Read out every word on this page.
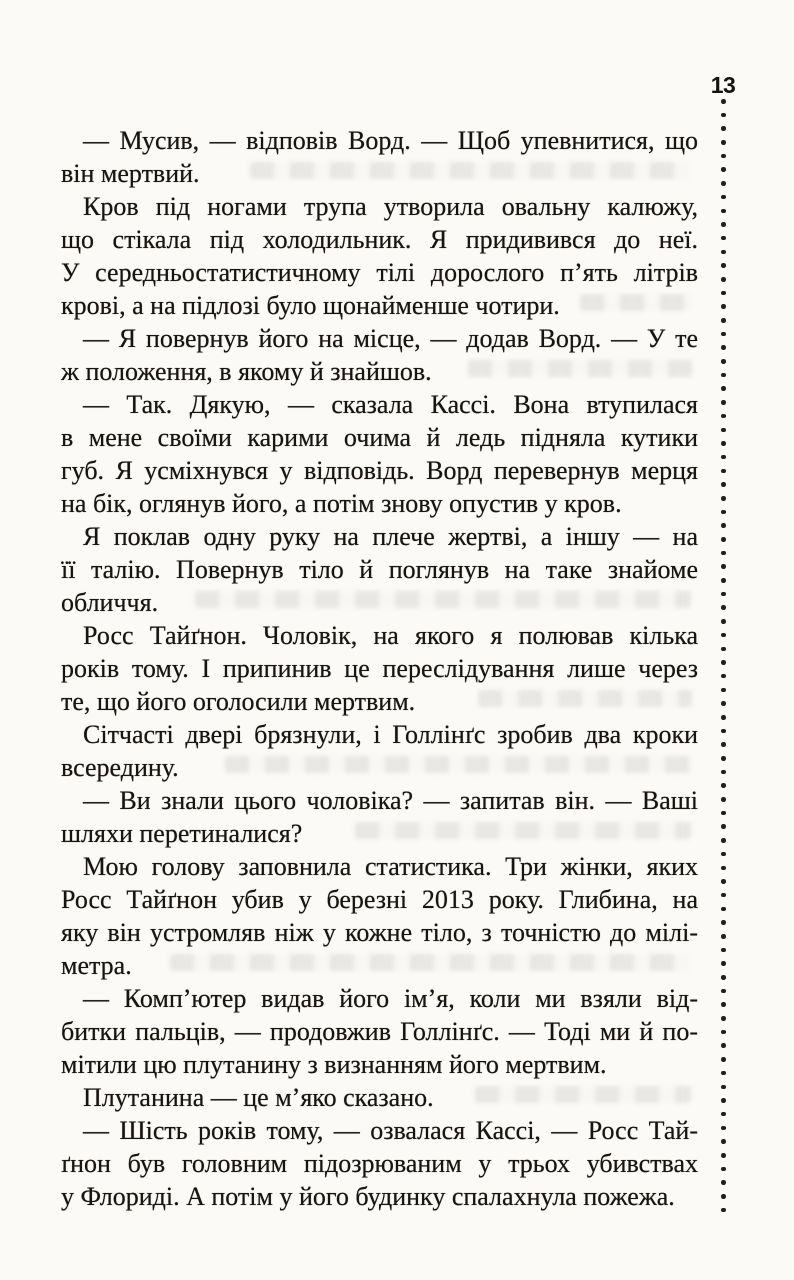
13
— Мусив, — відповів Ворд. — Щоб упевнитися, що
він мертвий.
Кров під ногами трупа утворила овальну калюжу,
що стікала під холодильник. Я придивився до неї.
У середньостатистичному тілі дорослого п’ять літрів
крові, а на підлозі було щонайменше чотири.
— Я повернув його на місце, — додав Ворд. — У те
ж положення, в якому й знайшов.
— Так. Дякую, — сказала Кассі. Вона втупилася
в мене своїми карими очима й ледь підняла кутики
губ. Я усміхнувся у відповідь. Ворд перевернув мерця
на бік, оглянув його, а потім знову опустив у кров.
Я поклав одну руку на плече жертві, а іншу — на
її талію. Повернув тіло й поглянув на таке знайоме
обличчя.
Росс Тайґнон. Чоловік, на якого я полював кілька
років тому. І припинив це переслідування лише через
те, що його оголосили мертвим.
Сітчасті двері брязнули, і Голлінґс зробив два кроки
всередину.
— Ви знали цього чоловіка? — запитав він. — Ваші
шляхи перетиналися?
Мою голову заповнила статистика. Три жінки, яких
Росс Тайґнон убив у березні 2013 року. Глибина, на
яку він устромляв ніж у кожне тіло, з точністю до мілі-
метра.
— Комп’ютер видав його ім’я, коли ми взяли від-
битки пальців, — продовжив Голлінґс. — Тоді ми й по-
мітили цю плутанину з визнанням його мертвим.
Плутанина — це м’яко сказано.
— Шість років тому, — озвалася Кассі, — Росс Тай-
ґнон був головним підозрюваним у трьох убивствах
у Флориді. А потім у його будинку спалахнула пожежа.
